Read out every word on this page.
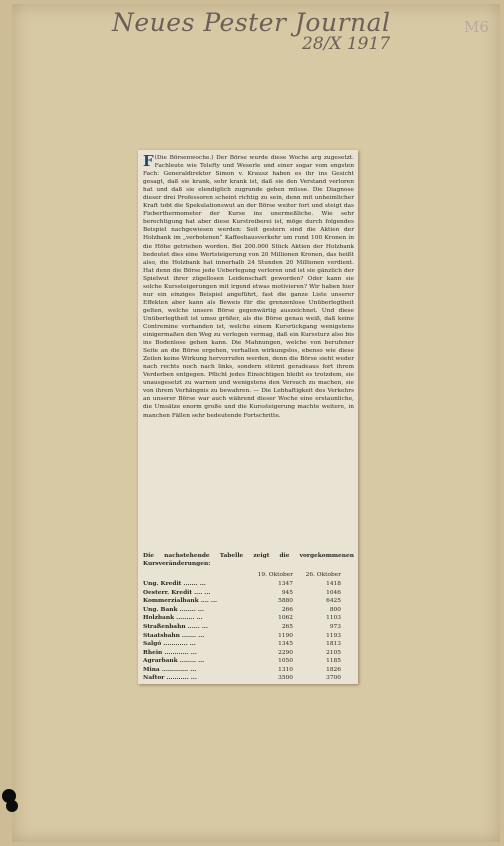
Neues Pester Journal
28/X 1917
M6
F (Die Börsenwoche.) Der Börse wurde diese Woche arg zugesetzt. Fachleute wie Telefty und Weserle und einer sogar vom engsten Fach: Generaldirektor Simon v. Krausz haben es ihr ins Gesicht gesagt, daß sie krank, sehr krank ist, daß sie den Verstand verloren hat und daß sie elendiglich zugrunde gehen müsse. Die Diagnose dieser drei Professoren scheint richtig zu sein, denn mit unheimlicher Kraft tobt die Spekulationswut an der Börse weiter fort und steigt das Fieberthermometer der Kurse ins unermeßliche. Wie sehr berechtigung hat aber diese Kurstreiberei ist, möge durch folgendes Beispiel nachgewiesen werden: Seit gestern sind die Aktien der Holzbank im „verbotenen“ Kaffeehausverkehr um rund 100 Kronen in die Höhe getrieben worden. Bei 200.000 Stück Aktien der Holzbank bedeutet dies eine Wertsteigerung von 20 Millionen Kronen, das heißt also, die Holzbank hat innerhalb 24 Stunden 20 Millionen verdient. Hat denn die Börse jede Ueberlegung verloren und ist sie gänzlich der Spielwut ihrer zügellosen Leidenschaft geworden? Oder kann sie solche Kurssteigerungen mit irgend etwas motivieren? Wir haben hier nur ein einziges Beispiel angeführt, fast die ganze Liste unserer Effekten aber kann als Beweis für die grenzenlose Unüberlegtheit gelten, welche unsere Börse gegenwärtig auszeichnet. Und diese Unüberlegtheit ist umso größer, als die Börse genau weiß, daß keine Contremine vorhanden ist, welche einem Kursrückgang wenigstens einigermaßen den Weg zu verlegen vermag, daß ein Kurssturz also bis ins Bodenlose gehen kann. Die Mahnungen, welche von berufener Seite an die Börse ergehen, verhallen wirkungslos, ebenso wie diese Zeilen keine Wirkung hervorrufen werden, denn die Börse sieht weder nach rechts noch nach links, sondern stürmt geradeaus fort ihrem Verderben entgegen. Pflicht jedes Einsichtigen bleibt es trotzdem, sie unausgesetzt zu warnen und wenigstens den Versuch zu machen, sie von ihrem Verhängnis zu bewahren. — Die Lebhaftigkeit des Verkehrs an unserer Börse war auch während dieser Woche eine erstaunliche, die Umsätze enorm große und die Kurssteigerung machte weitere, in manchen Fällen sehr bedeutende Fortschritte.
Die nachstehende Tabelle zeigt die vorgekommenen Kursveränderungen:
19. Oktober	26. Oktober
Ung. Kredit ....... ...	1347	1418
Oesterr. Kredit .... ...	945	1046
Kommerzialbank .... ...	5880	6425
Ung. Bank ........ ...	266	800
Holzbank ......... ...	1062	1103
Straßenbahn ...... ...	265	973
Staatsbahn ....... ...	1190	1193
Salgó ............ ...	1345	1813
Rhein ............ ...	2290	2105
Agrarbank ........ ...	1050	1185
Mina ............. ...	1310	1826
Naftor ........... ...	3500	3700
